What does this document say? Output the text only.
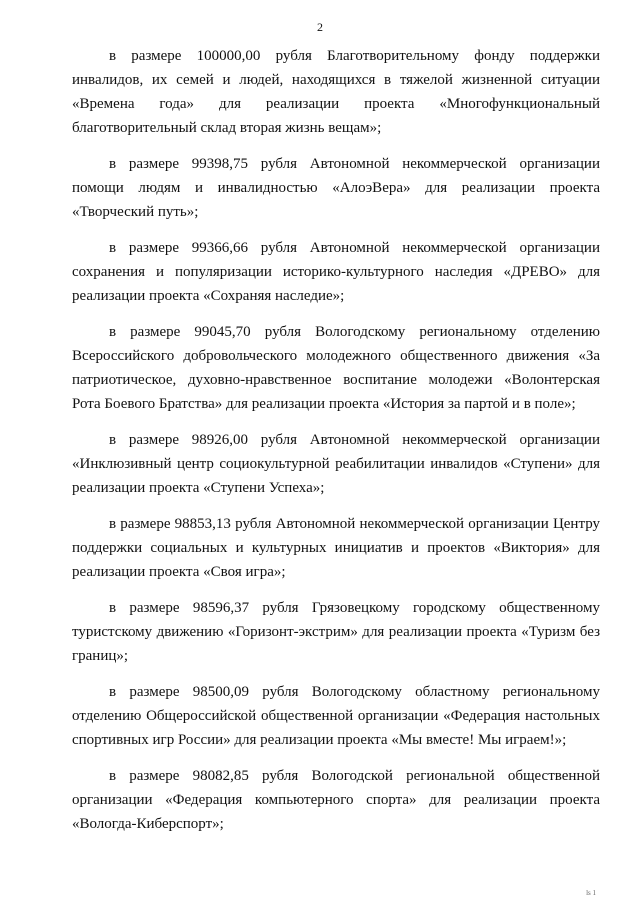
2

в размере 100000,00 рубля Благотворительному фонду поддержки инвалидов, их семей и людей, находящихся в тяжелой жизненной ситуации «Времена года» для реализации проекта «Многофункциональный благотворительный склад вторая жизнь вещам»;

в размере 99398,75 рубля Автономной некоммерческой организации помощи людям и инвалидностью «АлоэВера» для реализации проекта «Творческий путь»;

в размере 99366,66 рубля Автономной некоммерческой организации сохранения и популяризации историко-культурного наследия «ДРЕВО» для реализации проекта «Сохраняя наследие»;

в размере 99045,70 рубля Вологодскому региональному отделению Всероссийского добровольческого молодежного общественного движения «За патриотическое, духовно-нравственное воспитание молодежи «Волонтерская Рота Боевого Братства» для реализации проекта «История за партой и в поле»;

в размере 98926,00 рубля Автономной некоммерческой организации «Инклюзивный центр социокультурной реабилитации инвалидов «Ступени» для реализации проекта «Ступени Успеха»;

в размере 98853,13 рубля Автономной некоммерческой организации Центру поддержки социальных и культурных инициатив и проектов «Виктория» для реализации проекта «Своя игра»;

в размере 98596,37 рубля Грязовецкому городскому общественному туристскому движению «Горизонт-экстрим» для реализации проекта «Туризм без границ»;

в размере 98500,09 рубля Вологодскому областному региональному отделению Общероссийской общественной организации «Федерация настольных спортивных игр России» для реализации проекта «Мы вместе! Мы играем!»;

в размере 98082,85 рубля Вологодской региональной общественной организации «Федерация компьютерного спорта» для реализации проекта «Вологда-Киберспорт»;

ls 1
